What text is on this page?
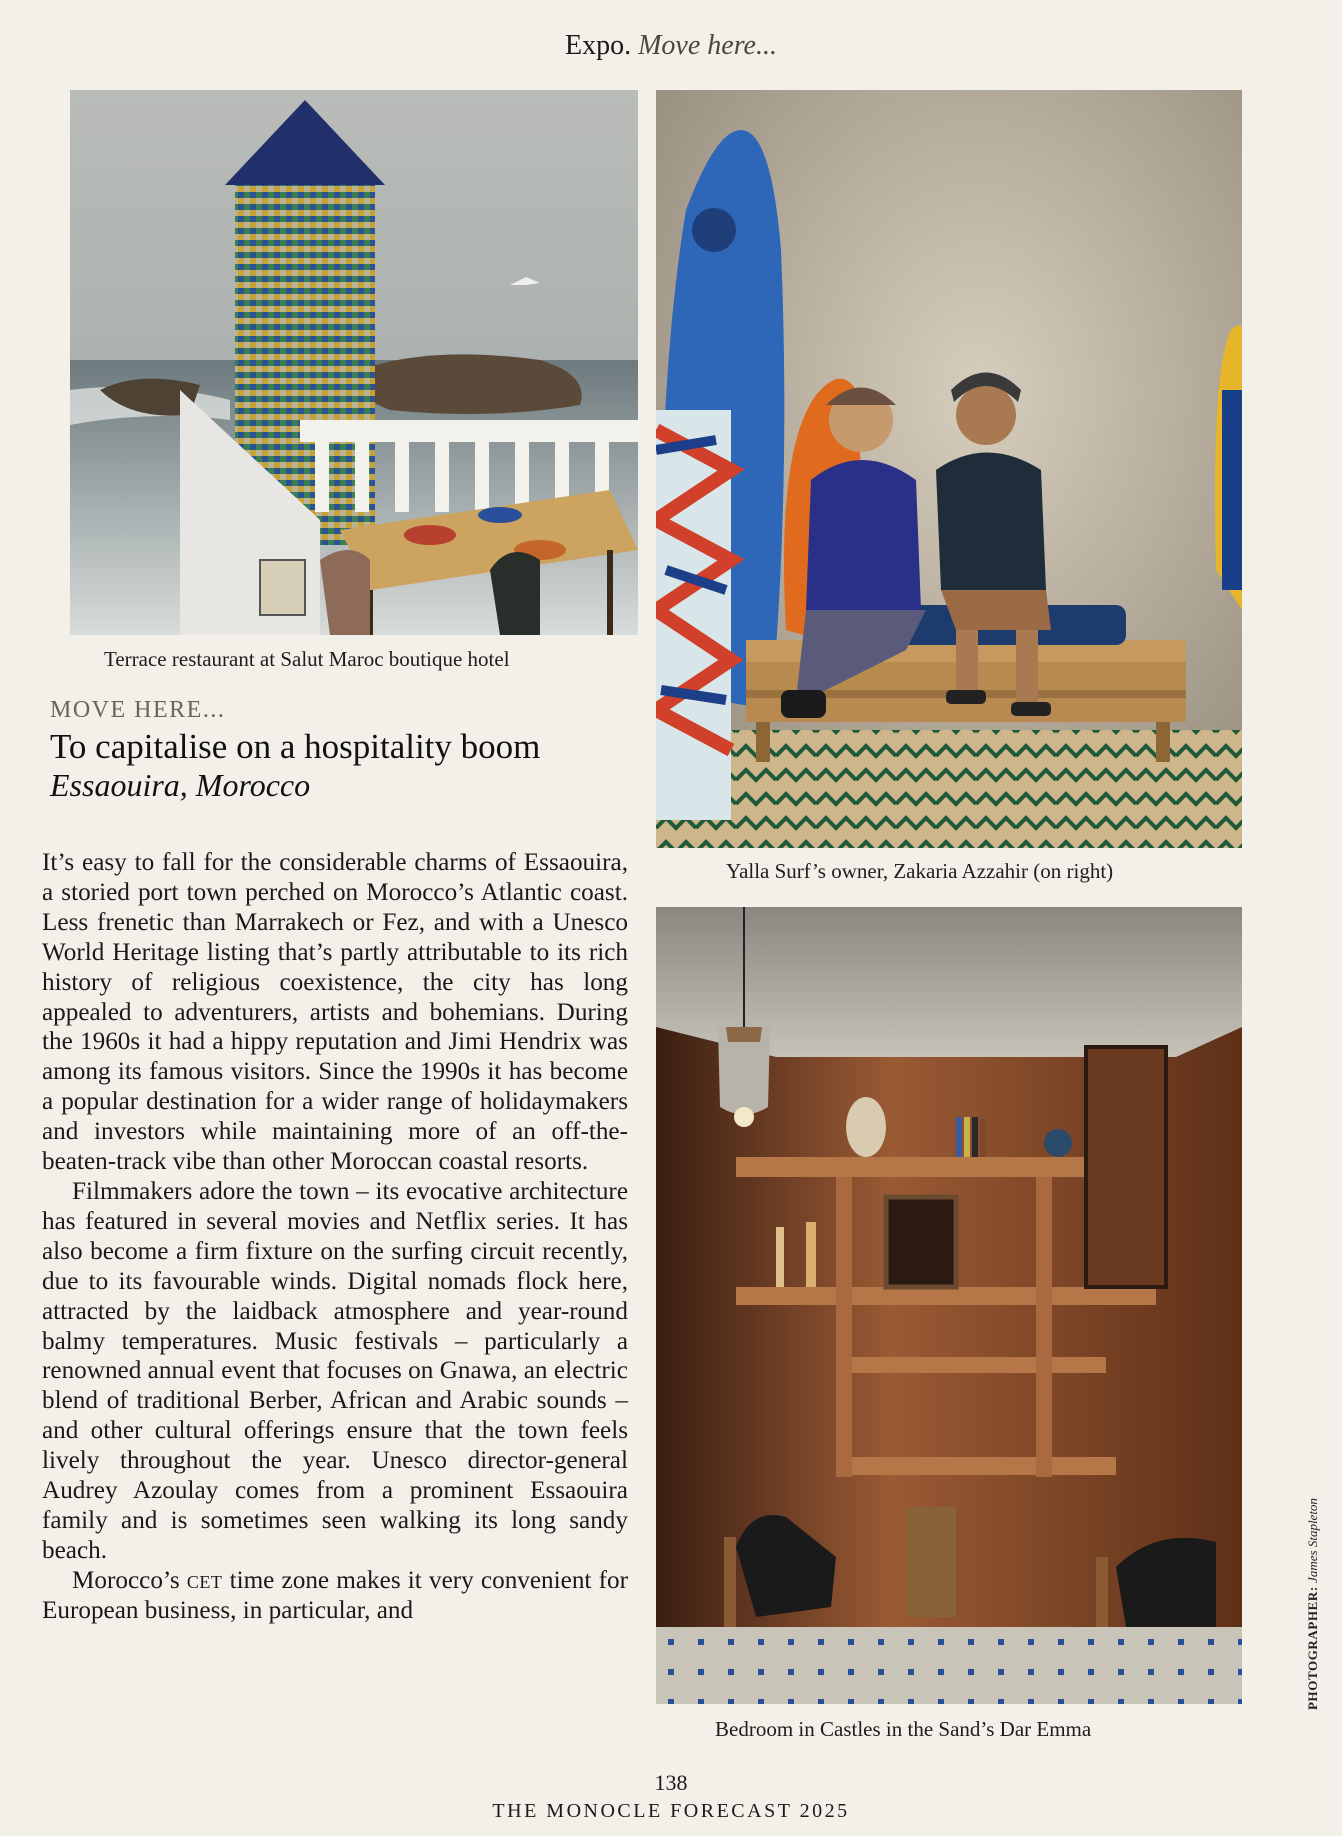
Expo. Move here...
Terrace restaurant at Salut Maroc boutique hotel
Yalla Surf’s owner, Zakaria Azzahir (on right)
Bedroom in Castles in the Sand’s Dar Emma
MOVE HERE...
To capitalise on a hospitality boom
Essaouira, Morocco

It’s easy to fall for the considerable charms of Essaouira, a storied port town perched on Morocco’s Atlantic coast. Less frenetic than Marrakech or Fez, and with a Unesco World Heritage listing that’s partly attributable to its rich history of religious coexistence, the city has long appealed to adventurers, artists and bohemians. During the 1960s it had a hippy reputation and Jimi Hendrix was among its famous visitors. Since the 1990s it has become a popular destination for a wider range of holidaymakers and investors while maintaining more of an off-the-beaten-track vibe than other Moroccan coastal resorts.

Filmmakers adore the town – its evocative architecture has featured in several movies and Netflix series. It has also become a firm fixture on the surfing circuit recently, due to its favourable winds. Digital nomads flock here, attracted by the laidback atmosphere and year-round balmy temperatures. Music festivals – particularly a renowned annual event that focuses on Gnawa, an electric blend of traditional Berber, African and Arabic sounds – and other cultural offerings ensure that the town feels lively throughout the year. Unesco director-general Audrey Azoulay comes from a prominent Essaouira family and is sometimes seen walking its long sandy beach.

Morocco’s cet time zone makes it very convenient for European business, in particular, and	PHOTOGRAPHER: James Stapleton
138
THE MONOCLE FORECAST 2025
